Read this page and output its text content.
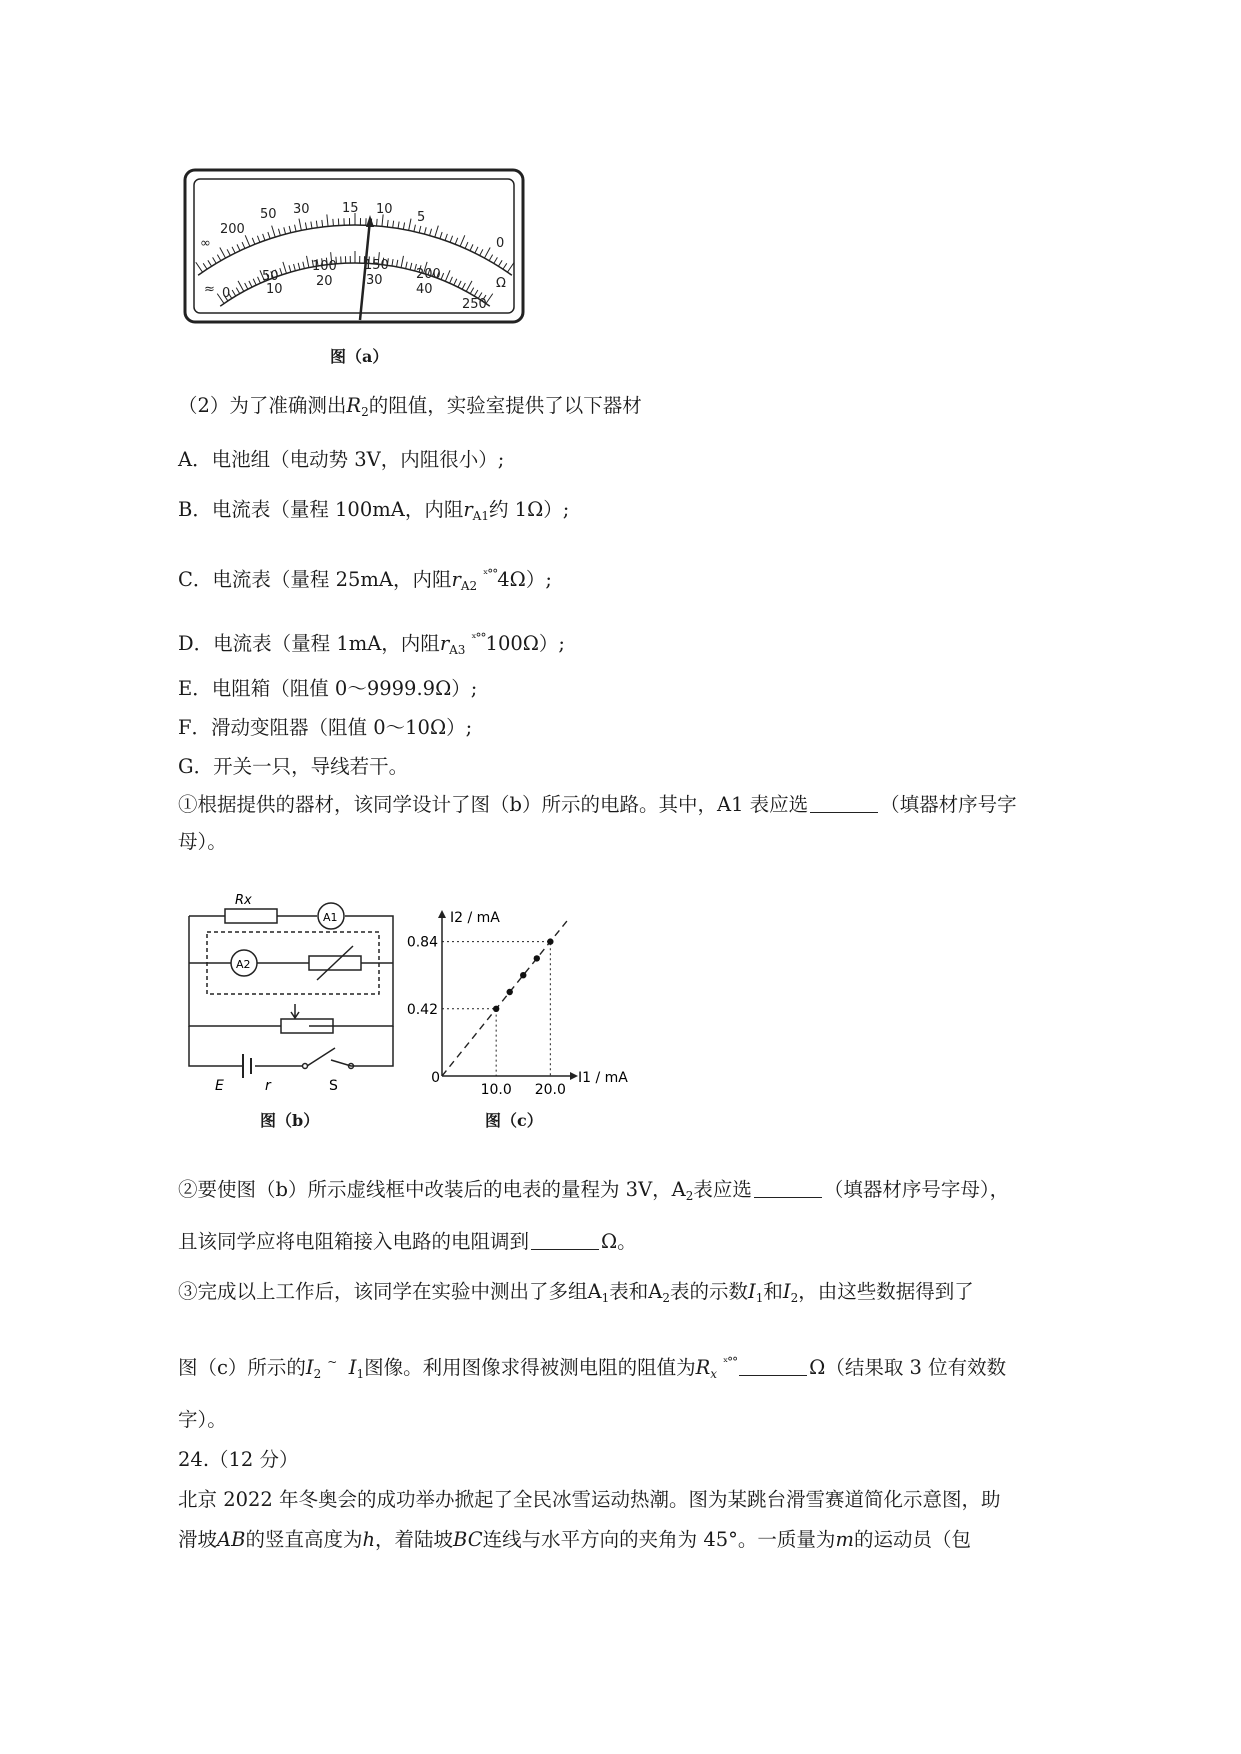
200
50 30 15 10
5
0
∞
Ω
≈ 0
50
100 150
200
250
10
20	30
40
图（a）
（2）为了准确测出$R_2$的阻值，实验室提供了以下器材
A．电池组（电动势 3V，内阻很小）;
B．电流表（量程 100mA，内阻$r_{A1}$约 1Ω）;
C．电流表（量程 25mA，内阻$r_{A2}^{ˣ^\circ^\circ}4\Omega$）;
D．电流表（量程 1mA，内阻$r_{A3}^{ˣ^\circ^\circ}100\Omega$）;
E．电阻箱（阻值 0～9999.9Ω）;
F．滑动变阻器（阻值 0～10Ω）;
G．开关一只，导线若干。
①根据提供的器材，该同学设计了图（b）所示的电路。其中，A1 表应选	（填器材序号字
母）。
Rx
A1
A2
E	r	S
图（b）
I2 / mA
I1 / mA
0
0.42
0.84
10.0 20.0
图（c）
②要使图（b）所示虚线框中改装后的电表的量程为 3V，$A_2$表应选	（填器材序号字母），
且该同学应将电阻箱接入电路的电阻调到	Ω。
③完成以上工作后，该同学在实验中测出了多组$A_1$表和$A_2$表的示数$I_1$和$I_2$，由这些数据得到了
图（c）所示的$I_2^\sim$ $I_1$图像。利用图像求得被测电阻的阻值为$R_x^{ˣ^\circ^\circ}$	Ω（结果取 3 位有效数
字）。
24.（12 分）
北京 2022 年冬奥会的成功举办掀起了全民冰雪运动热潮。图为某跳台滑雪赛道简化示意图，助
滑坡AB的竖直高度为h，着陆坡BC连线与水平方向的夹角为 45°。一质量为m的运动员（包
